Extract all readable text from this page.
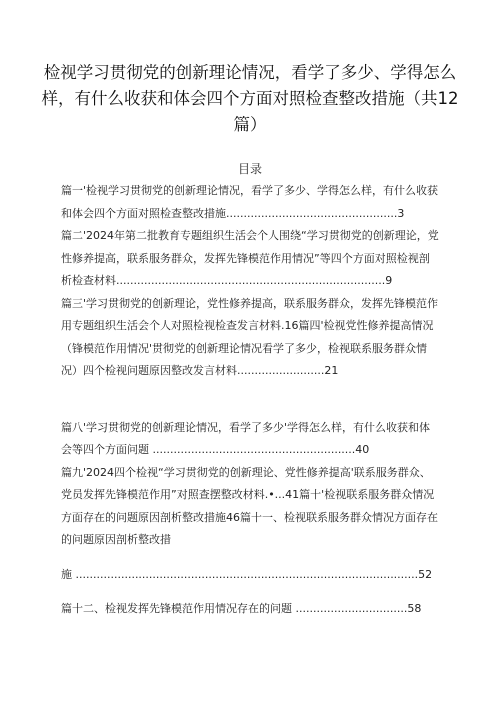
检视学习贯彻党的创新理论情况，看学了多少、学得怎么样，有什么收获和体会四个方面对照检查整改措施（共12篇）
目录

篇一'检视学习贯彻党的创新理论情况，看学了多少、学得怎么样，有什么收获和体会四个方面对照检查整改措施.................................................3

篇二'2024年第二批教育专题组织生活会个人围绕“学习贯彻党的创新理论，党性修养提高，联系服务群众，发挥先锋模范作用情况”等四个方面对照检视剖析检查材料.............................................................................9

篇三'学习贯彻党的创新理论，党性修养提高，联系服务群众，发挥先锋模范作用专题组织生活会个人对照检视检查发言材料.16篇四'检视党性修养提高情况（锋模范作用情况'贯彻党的创新理论情况看学了多少，检视联系服务群众情况）四个检视问题原因整改发言材料.........................21

篇八'学习贯彻党的创新理论情况，看学了多少'学得怎么样，有什么收获和体会等四个方面问题 ..........................................................40

篇九'2024四个检视“学习贯彻党的创新理论、党性修养提高'联系服务群众、党员发挥先锋模范作用”对照查摆整改材料.•...41篇十'检视联系服务群众情况方面存在的问题原因剖析整改措施46篇十一、检视联系服务群众情况方面存在的问题原因剖析整改措

施 ..................................................................................................52

篇十二、检视发挥先锋模范作用情况存在的问题 ................................58
